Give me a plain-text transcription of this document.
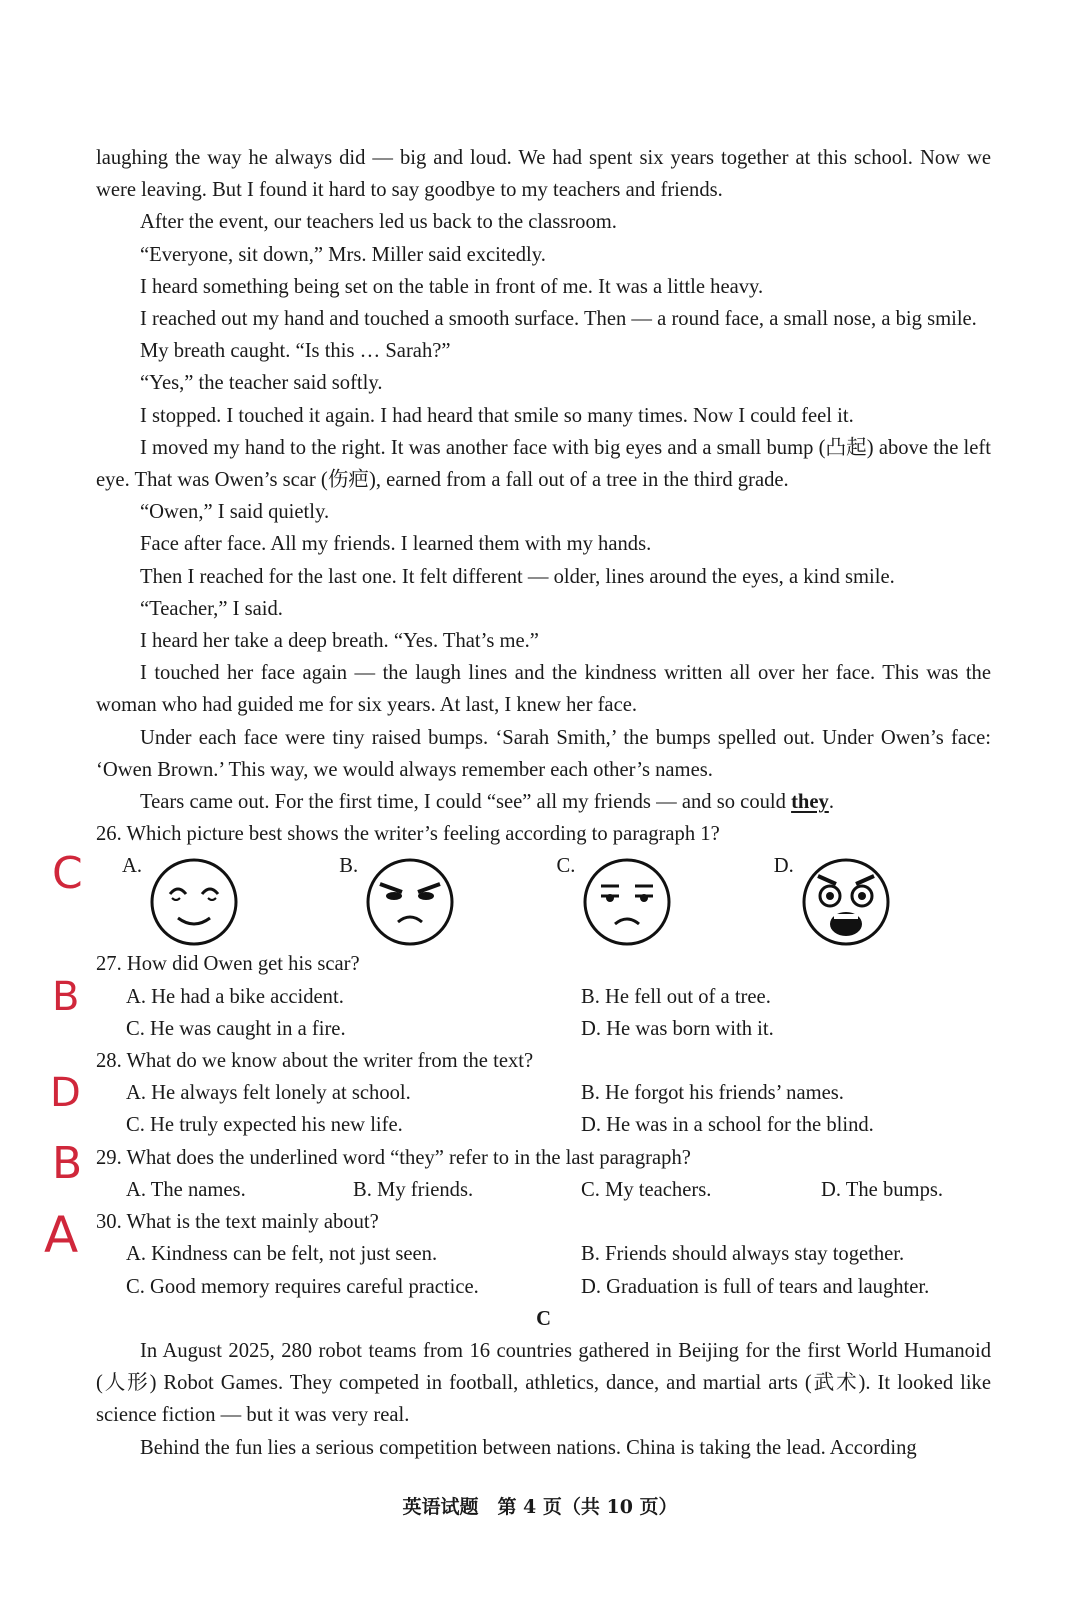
laughing the way he always did — big and loud. We had spent six years together at this school. Now we were leaving. But I found it hard to say goodbye to my teachers and friends.

After the event, our teachers led us back to the classroom.

“Everyone, sit down,” Mrs. Miller said excitedly.

I heard something being set on the table in front of me. It was a little heavy.

I reached out my hand and touched a smooth surface. Then — a round face, a small nose, a big smile.

My breath caught. “Is this … Sarah?”

“Yes,” the teacher said softly.

I stopped. I touched it again. I had heard that smile so many times. Now I could feel it.

I moved my hand to the right. It was another face with big eyes and a small bump (凸起) above the left eye. That was Owen’s scar (伤疤), earned from a fall out of a tree in the third grade.

“Owen,” I said quietly.

Face after face. All my friends. I learned them with my hands.

Then I reached for the last one. It felt different — older, lines around the eyes, a kind smile.

“Teacher,” I said.

I heard her take a deep breath. “Yes. That’s me.”

I touched her face again — the laugh lines and the kindness written all over her face. This was the woman who had guided me for six years. At last, I knew her face.

Under each face were tiny raised bumps. ‘Sarah Smith,’ the bumps spelled out. Under Owen’s face: ‘Owen Brown.’ This way, we would always remember each other’s names.

Tears came out. For the first time, I could “see” all my friends — and so could they.

26. Which picture best shows the writer’s feeling according to paragraph 1?

A.	B.	C.	D.

27. How did Owen get his scar?

A. He had a bike accident.	B. He fell out of a tree.
C. He was caught in a fire.	D. He was born with it.

28. What do we know about the writer from the text?

A. He always felt lonely at school.	B. He forgot his friends’ names.
C. He truly expected his new life.	D. He was in a school for the blind.

29. What does the underlined word “they” refer to in the last paragraph?

A. The names.	B. My friends.	C. My teachers.	D. The bumps.

30. What is the text mainly about?

A. Kindness can be felt, not just seen.	B. Friends should always stay together.
C. Good memory requires careful practice.	D. Graduation is full of tears and laughter.

C

In August 2025, 280 robot teams from 16 countries gathered in Beijing for the first World Humanoid (人形) Robot Games. They competed in football, athletics, dance, and martial arts (武术). It looked like science fiction — but it was very real.

Behind the fun lies a serious competition between nations. China is taking the lead. According

C
B
D
B
A
英语试题　第 4 页（共 10 页）
